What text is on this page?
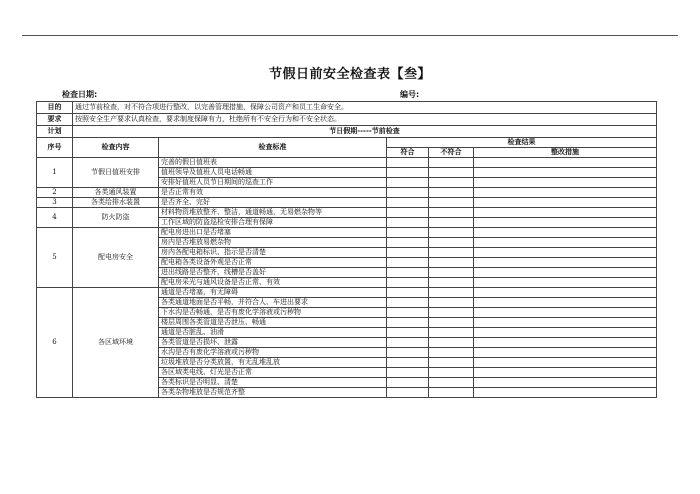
节假日前安全检查表【叁】
检查日期:	编号:
目的	通过节前检查，对不符合项进行整改，以完善管理措施，保障公司资产和员工生命安全。				
要求	按照安全生产要求认真检查，要求制度保障有力，杜绝所有不安全行为和不安全状态。				
计划	节日假期-----节前检查				
序号	检查内容	检查标准	检查结果		
			符合	不符合	整改措施
1	节假日值班安排	完善的假日值班表			
		值班领导及值班人员电话畅通			
		安排好值班人员节日期间的巡查工作			
2	各类通风装置	是否正常有效			
3	各类给排水装置	是否齐全、完好			
4	防火防盗	材料物资堆放整齐、整洁，通道畅通，无易燃杂物等			
		工作区域的防盗巡检安排合理有保障			
5	配电房安全	配电房进出口是否堵塞			
		房内是否堆放易燃杂物			
		房内各配电箱标识、指示是否清楚			
		配电箱各类设备外观是否正常			
		进出线路是否整齐，线槽是否盖好			
		配电房采光与通风设备是否正常、有效			
6	各区域环境	通道是否堵塞，有无障碍			
		各类通道地面是否平畅，并符合人、车进出要求			
		下水沟是否畅通，是否有废化学溶液或污秽物			
		楼层周围各类管道是否泄压、畅通			
		通道是否脏乱、油滑			
		各类管道是否损坏、泄露			
		水沟是否有废化学溶液或污秽物			
		垃圾堆放是否分类放置，有无乱堆乱放			
		各区域类电线、灯光是否正常			
		各类标识是否明显、清楚			
		各类杂物堆放是否规范齐整			
